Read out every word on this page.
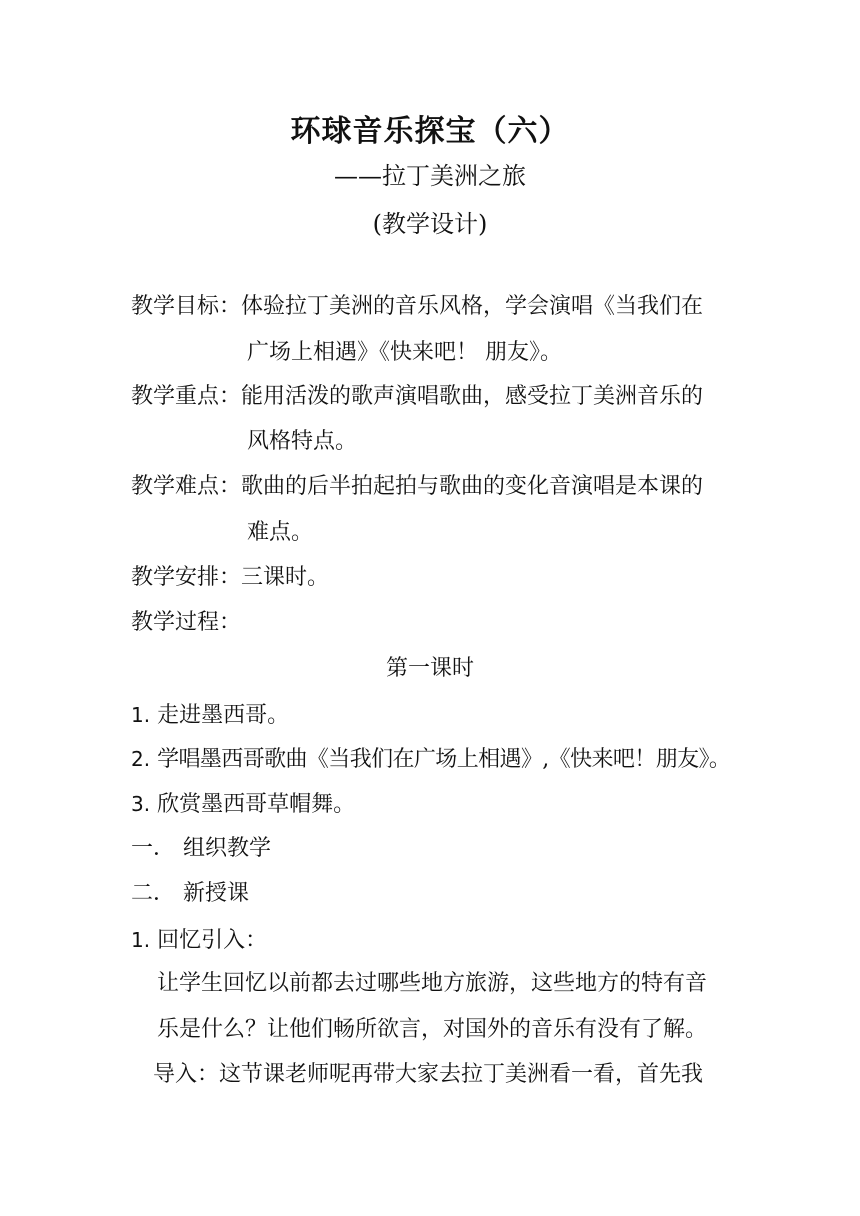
环球音乐探宝（六）
——拉丁美洲之旅
(教学设计)
教学目标：体验拉丁美洲的音乐风格，学会演唱《当我们在
广场上相遇》《快来吧！ 朋友》。
教学重点：能用活泼的歌声演唱歌曲，感受拉丁美洲音乐的
风格特点。
教学难点：歌曲的后半拍起拍与歌曲的变化音演唱是本课的
难点。
教学安排：三课时。
教学过程：
第一课时
1. 走进墨西哥。
2. 学唱墨西哥歌曲《当我们在广场上相遇》,《快来吧！朋友》。
3. 欣赏墨西哥草帽舞。
一． 组织教学
二． 新授课
1. 回忆引入：
让学生回忆以前都去过哪些地方旅游，这些地方的特有音
乐是什么？让他们畅所欲言，对国外的音乐有没有了解。
导入：这节课老师呢再带大家去拉丁美洲看一看，首先我
